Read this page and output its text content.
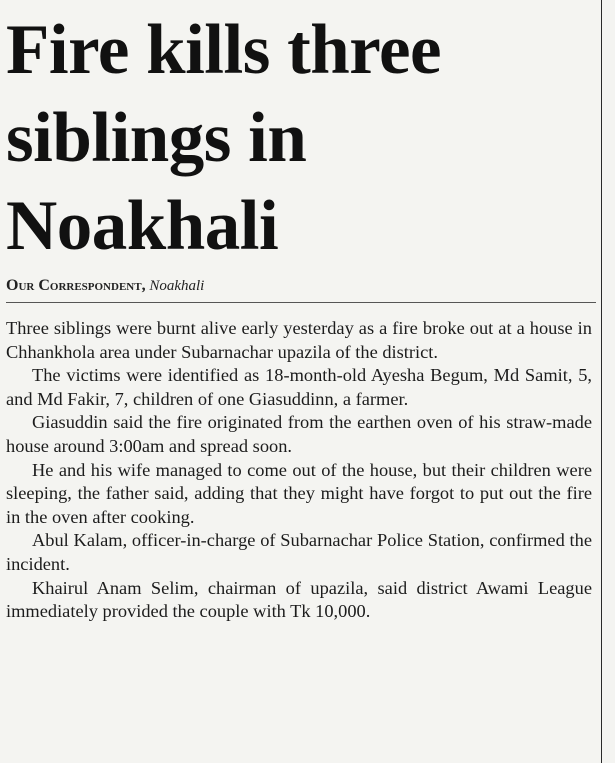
Fire kills three siblings in Noakhali
Our Correspondent, Noakhali

Three siblings were burnt alive early yesterday as a fire broke out at a house in Chhankhola area under Subarnachar upazila of the district.

The victims were identified as 18-month-old Ayesha Begum, Md Samit, 5, and Md Fakir, 7, children of one Giasuddinn, a farmer.

Giasuddin said the fire originated from the earthen oven of his straw-made house around 3:00am and spread soon.

He and his wife managed to come out of the house, but their children were sleeping, the father said, adding that they might have forgot to put out the fire in the oven after cooking.

Abul Kalam, officer-in-charge of Subarnachar Police Station, confirmed the incident.

Khairul Anam Selim, chairman of upazila, said district Awami League immediately provided the couple with Tk 10,000.
